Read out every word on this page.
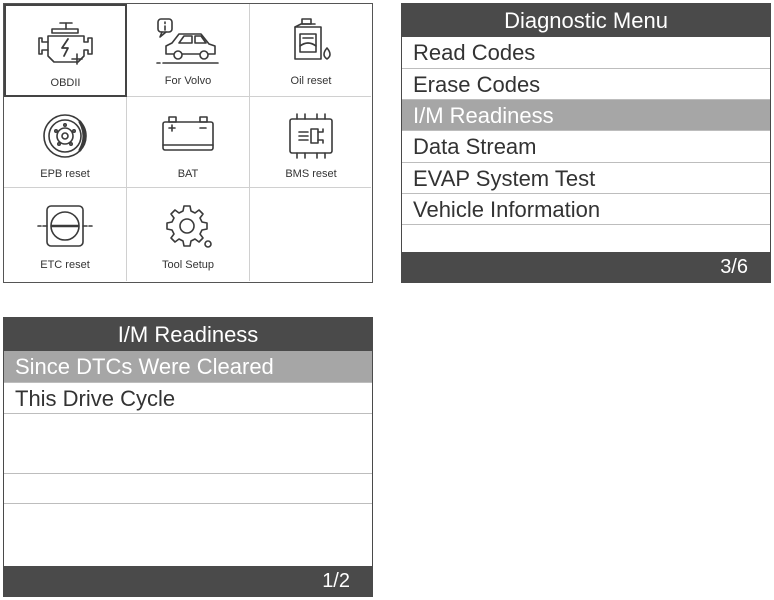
OBDII	For Volvo	Oil reset
EPB reset	BAT	BMS reset
ETC reset	Tool Setup
Diagnostic Menu
Read Codes
Erase Codes
I/M Readiness
Data Stream
EVAP System Test
Vehicle Information
3/6
I/M Readiness
Since DTCs Were Cleared
This Drive Cycle
1/2
